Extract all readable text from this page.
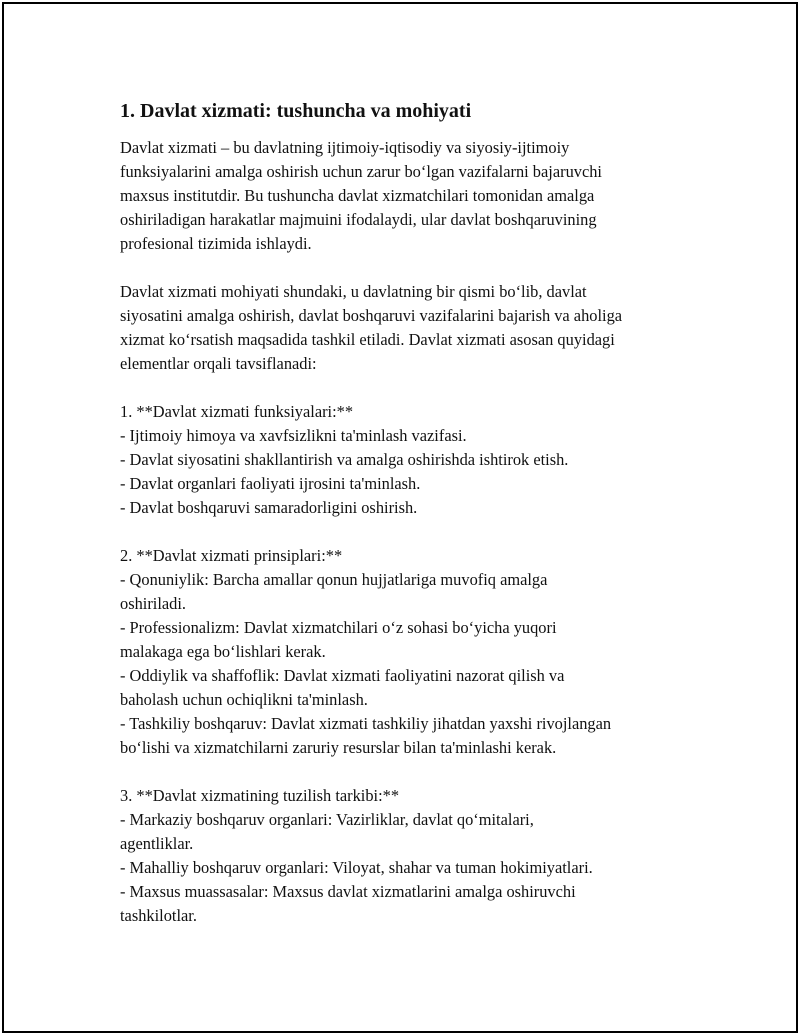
1. Davlat xizmati: tushuncha va mohiyati

Davlat xizmati – bu davlatning ijtimoiy-iqtisodiy va siyosiy-ijtimoiy
funksiyalarini amalga oshirish uchun zarur bo‘lgan vazifalarni bajaruvchi
maxsus institutdir. Bu tushuncha davlat xizmatchilari tomonidan amalga
oshiriladigan harakatlar majmuini ifodalaydi, ular davlat boshqaruvining
profesional tizimida ishlaydi.

Davlat xizmati mohiyati shundaki, u davlatning bir qismi bo‘lib, davlat
siyosatini amalga oshirish, davlat boshqaruvi vazifalarini bajarish va aholiga
xizmat ko‘rsatish maqsadida tashkil etiladi. Davlat xizmati asosan quyidagi
elementlar orqali tavsiflanadi:

1. **Davlat xizmati funksiyalari:**
- Ijtimoiy himoya va xavfsizlikni ta'minlash vazifasi.
- Davlat siyosatini shakllantirish va amalga oshirishda ishtirok etish.
- Davlat organlari faoliyati ijrosini ta'minlash.
- Davlat boshqaruvi samaradorligini oshirish.

2. **Davlat xizmati prinsiplari:**
- Qonuniylik: Barcha amallar qonun hujjatlariga muvofiq amalga
oshiriladi.
- Professionalizm: Davlat xizmatchilari o‘z sohasi bo‘yicha yuqori
malakaga ega bo‘lishlari kerak.
- Oddiylik va shaffoflik: Davlat xizmati faoliyatini nazorat qilish va
baholash uchun ochiqlikni ta'minlash.
- Tashkiliy boshqaruv: Davlat xizmati tashkiliy jihatdan yaxshi rivojlangan
bo‘lishi va xizmatchilarni zaruriy resurslar bilan ta'minlashi kerak.

3. **Davlat xizmatining tuzilish tarkibi:**
- Markaziy boshqaruv organlari: Vazirliklar, davlat qo‘mitalari,
agentliklar.
- Mahalliy boshqaruv organlari: Viloyat, shahar va tuman hokimiyatlari.
- Maxsus muassasalar: Maxsus davlat xizmatlarini amalga oshiruvchi
tashkilotlar.
